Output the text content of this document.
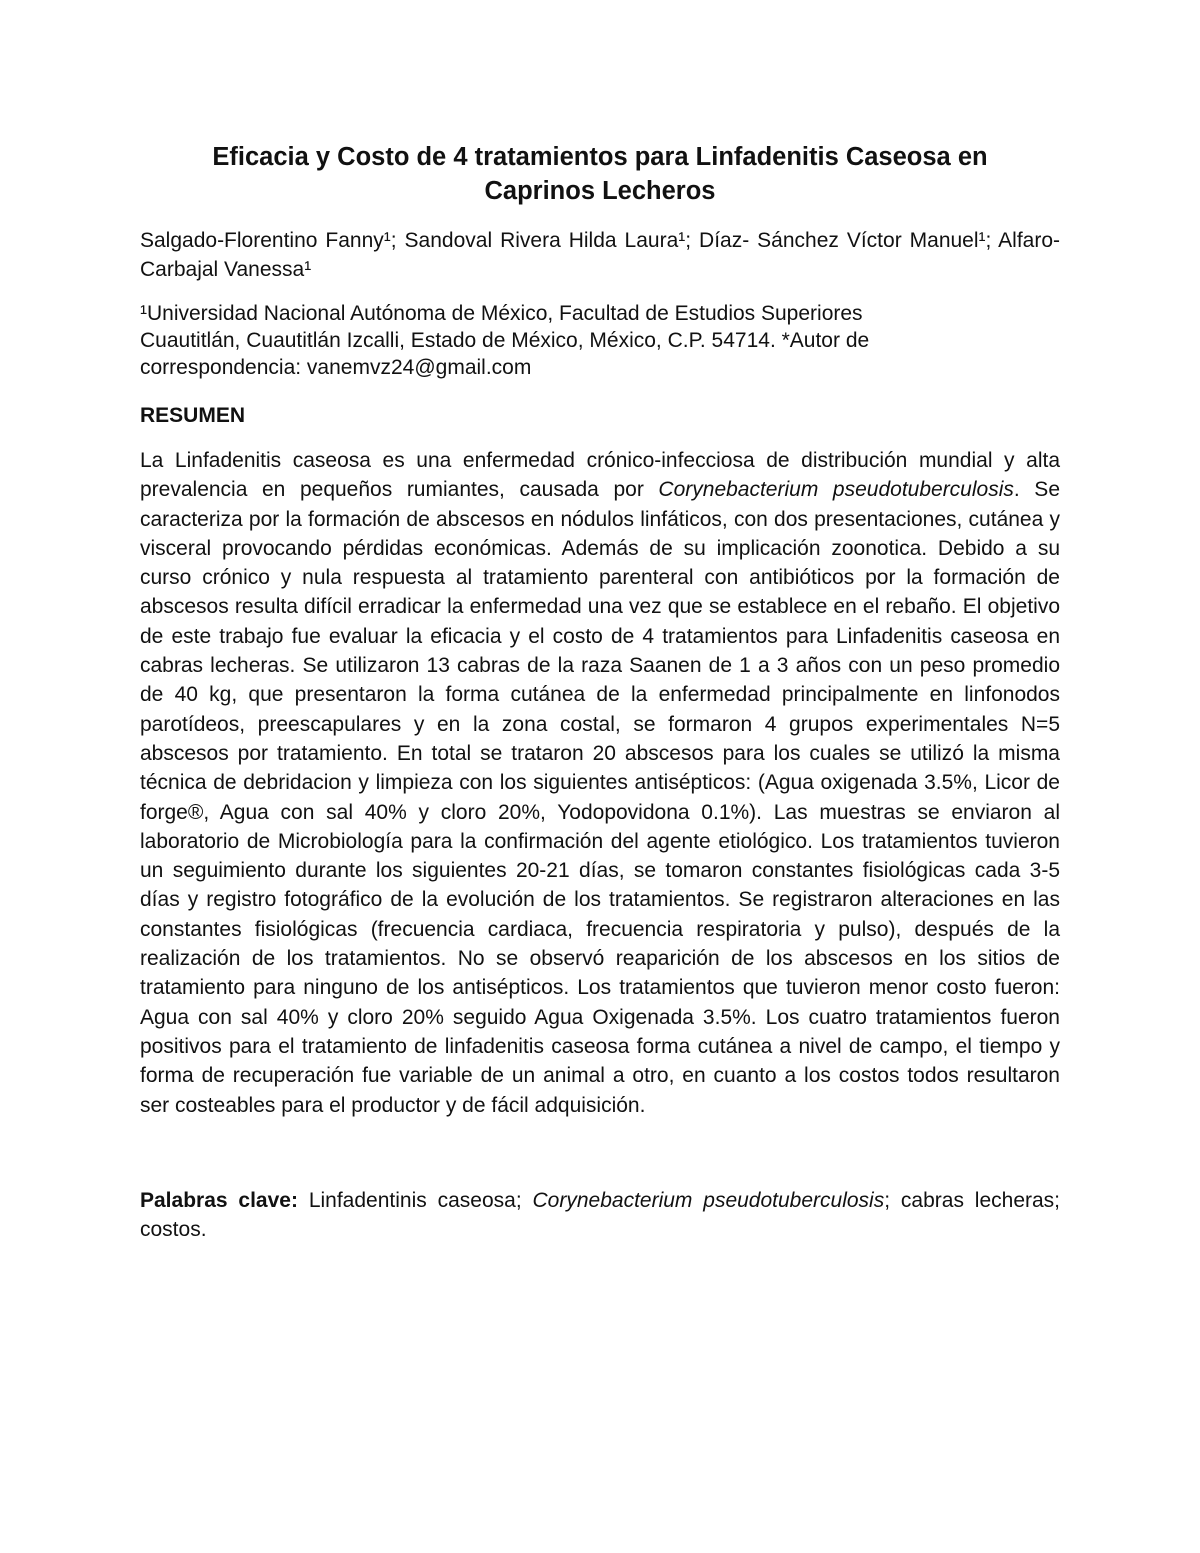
Eficacia y Costo de 4 tratamientos para Linfadenitis Caseosa en
Caprinos Lecheros

Salgado-Florentino Fanny¹; Sandoval Rivera Hilda Laura¹; Díaz- Sánchez Víctor Manuel¹; Alfaro-Carbajal Vanessa¹

¹Universidad Nacional Autónoma de México, Facultad de Estudios Superiores
Cuautitlán, Cuautitlán Izcalli, Estado de México, México, C.P. 54714. *Autor de
correspondencia: vanemvz24@gmail.com

RESUMEN

La Linfadenitis caseosa es una enfermedad crónico-infecciosa de distribución mundial y alta prevalencia en pequeños rumiantes, causada por Corynebacterium pseudotuberculosis. Se caracteriza por la formación de abscesos en nódulos linfáticos, con dos presentaciones, cutánea y visceral provocando pérdidas económicas. Además de su implicación zoonotica. Debido a su curso crónico y nula respuesta al tratamiento parenteral con antibióticos por la formación de abscesos resulta difícil erradicar la enfermedad una vez que se establece en el rebaño. El objetivo de este trabajo fue evaluar la eficacia y el costo de 4 tratamientos para Linfadenitis caseosa en cabras lecheras. Se utilizaron 13 cabras de la raza Saanen de 1 a 3 años con un peso promedio de 40 kg, que presentaron la forma cutánea de la enfermedad principalmente en linfonodos parotídeos, preescapulares y en la zona costal, se formaron 4 grupos experimentales N=5 abscesos por tratamiento. En total se trataron 20 abscesos para los cuales se utilizó la misma técnica de debridacion y limpieza con los siguientes antisépticos: (Agua oxigenada 3.5%, Licor de forge®, Agua con sal 40% y cloro 20%, Yodopovidona 0.1%). Las muestras se enviaron al laboratorio de Microbiología para la confirmación del agente etiológico. Los tratamientos tuvieron un seguimiento durante los siguientes 20-21 días, se tomaron constantes fisiológicas cada 3-5 días y registro fotográfico de la evolución de los tratamientos. Se registraron alteraciones en las constantes fisiológicas (frecuencia cardiaca, frecuencia respiratoria y pulso), después de la realización de los tratamientos. No se observó reaparición de los abscesos en los sitios de tratamiento para ninguno de los antisépticos. Los tratamientos que tuvieron menor costo fueron: Agua con sal 40% y cloro 20% seguido Agua Oxigenada 3.5%. Los cuatro tratamientos fueron positivos para el tratamiento de linfadenitis caseosa forma cutánea a nivel de campo, el tiempo y forma de recuperación fue variable de un animal a otro, en cuanto a los costos todos resultaron ser costeables para el productor y de fácil adquisición.

Palabras clave: Linfadentinis caseosa; Corynebacterium pseudotuberculosis; cabras lecheras; costos.
